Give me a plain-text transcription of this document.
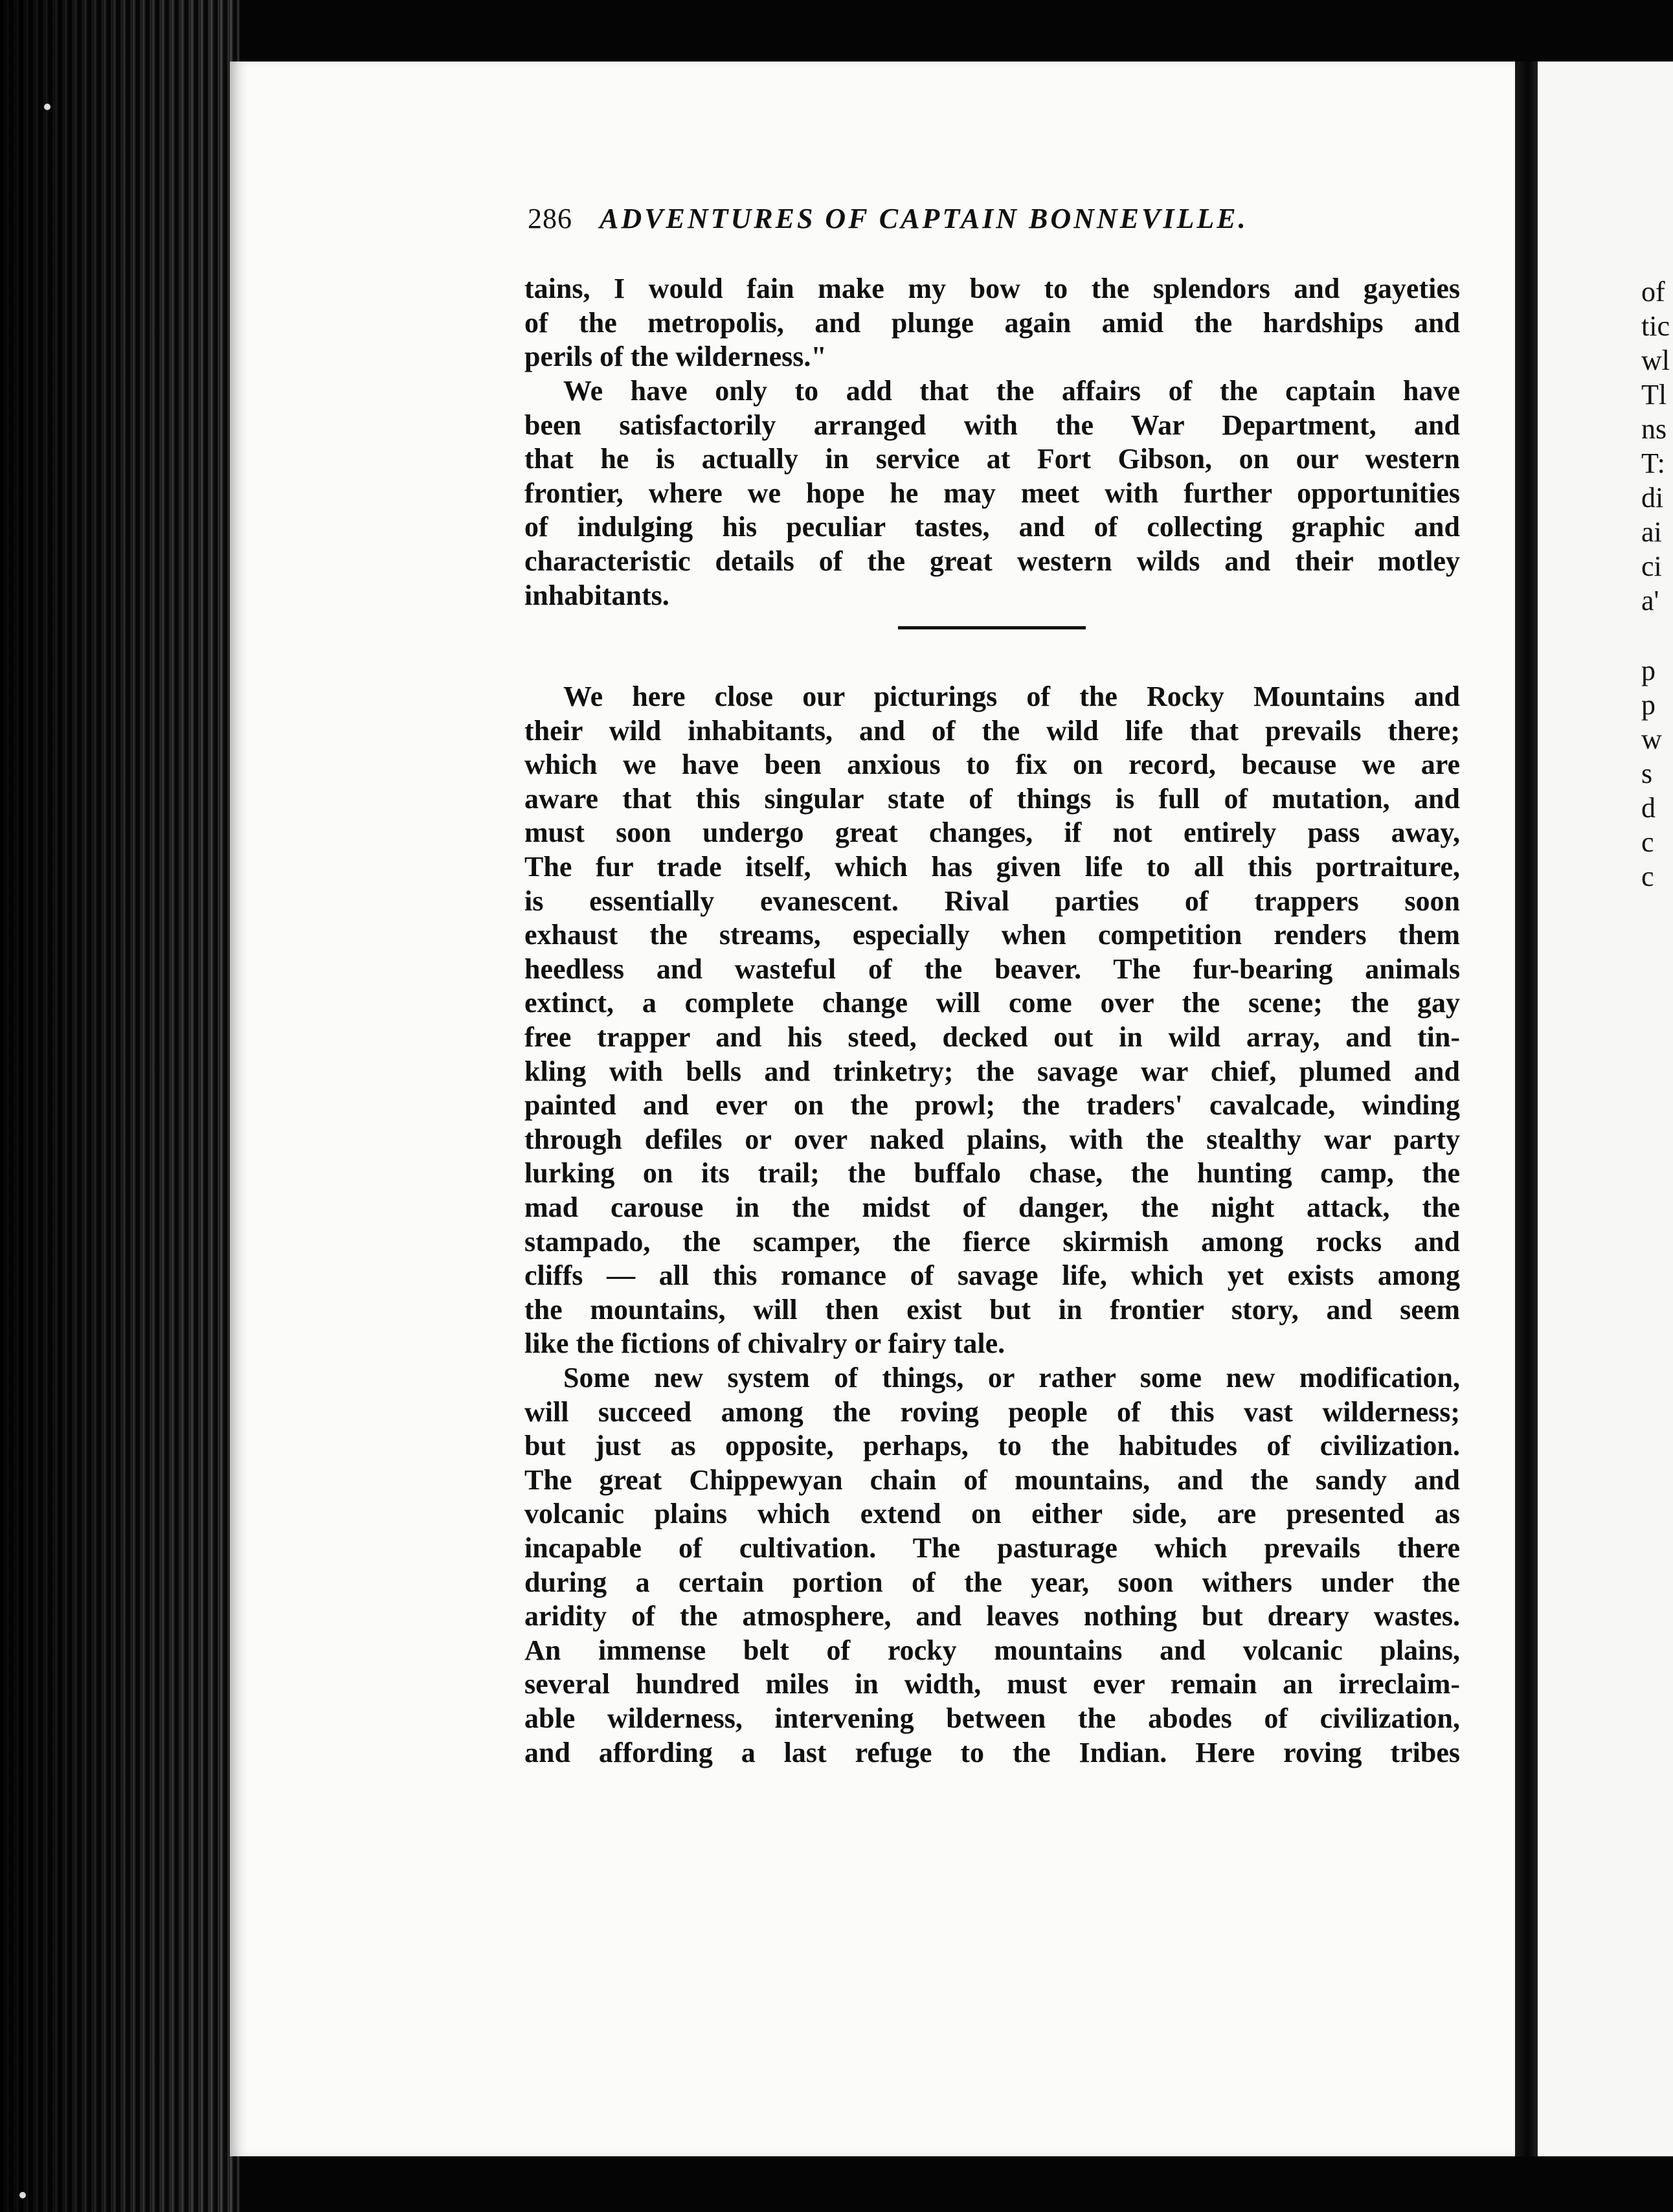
of
tic
wl
Tl
ns
T:
di
ai
ci
a'
p
p
w
s
d
c
c
286 ADVENTURES OF CAPTAIN BONNEVILLE.
tains, I would fain make my bow to the splendors and gayeties
of the metropolis, and plunge again amid the hardships and
perils of the wilderness."
We have only to add that the affairs of the captain have
been satisfactorily arranged with the War Department, and
that he is actually in service at Fort Gibson, on our western
frontier, where we hope he may meet with further opportunities
of indulging his peculiar tastes, and of collecting graphic and
characteristic details of the great western wilds and their motley
inhabitants.
We here close our picturings of the Rocky Mountains and
their wild inhabitants, and of the wild life that prevails there;
which we have been anxious to fix on record, because we are
aware that this singular state of things is full of mutation, and
must soon undergo great changes, if not entirely pass away,
The fur trade itself, which has given life to all this portraiture,
is essentially evanescent. Rival parties of trappers soon
exhaust the streams, especially when competition renders them
heedless and wasteful of the beaver. The fur-bearing animals
extinct, a complete change will come over the scene; the gay
free trapper and his steed, decked out in wild array, and tin-
kling with bells and trinketry; the savage war chief, plumed and
painted and ever on the prowl; the traders' cavalcade, winding
through defiles or over naked plains, with the stealthy war party
lurking on its trail; the buffalo chase, the hunting camp, the
mad carouse in the midst of danger, the night attack, the
stampado, the scamper, the fierce skirmish among rocks and
cliffs — all this romance of savage life, which yet exists among
the mountains, will then exist but in frontier story, and seem
like the fictions of chivalry or fairy tale.
Some new system of things, or rather some new modification,
will succeed among the roving people of this vast wilderness;
but just as opposite, perhaps, to the habitudes of civilization.
The great Chippewyan chain of mountains, and the sandy and
volcanic plains which extend on either side, are presented as
incapable of cultivation. The pasturage which prevails there
during a certain portion of the year, soon withers under the
aridity of the atmosphere, and leaves nothing but dreary wastes.
An immense belt of rocky mountains and volcanic plains,
several hundred miles in width, must ever remain an irreclaim-
able wilderness, intervening between the abodes of civilization,
and affording a last refuge to the Indian. Here roving tribes
